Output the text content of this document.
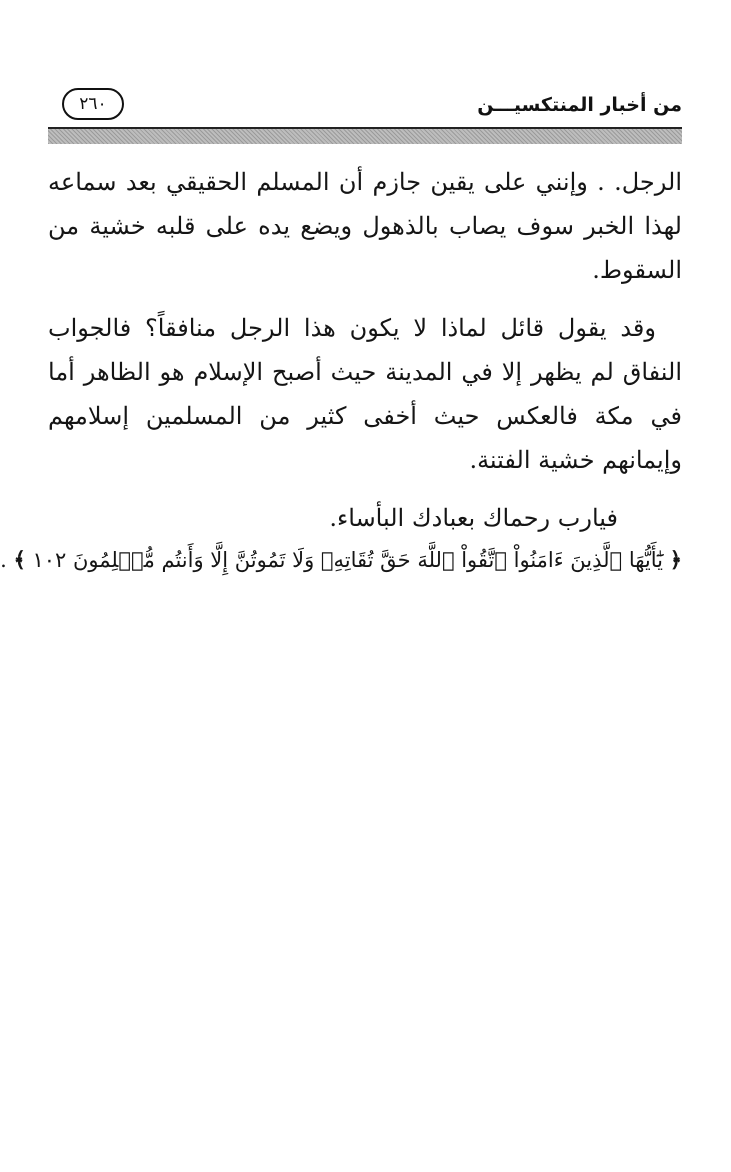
من أخبار المنتكسيـــن
٢٦٠

الرجل. . وإنني على يقين جازم أن المسلم الحقيقي بعد سماعه لهذا الخبر سوف يصاب بالذهول ويضع يده على قلبه خشية من السقوط.

وقد يقول قائل لماذا لا يكون هذا الرجل منافقاً؟ فالجواب النفاق لم يظهر إلا في المدينة حيث أصبح الإسلام هو الظاهر أما في مكة فالعكس حيث أخفى كثير من المسلمين إسلامهم وإيمانهم خشية الفتنة.

فيارب رحماك بعبادك البأساء.

﴿ يَٰٓأَيُّهَا ٱلَّذِينَ ءَامَنُواْ ٱتَّقُواْ ٱللَّهَ حَقَّ تُقَاتِهِۦ وَلَا تَمُوتُنَّ إِلَّا وَأَنتُم مُّسۡلِمُونَ ١٠٢ ﴾ .
